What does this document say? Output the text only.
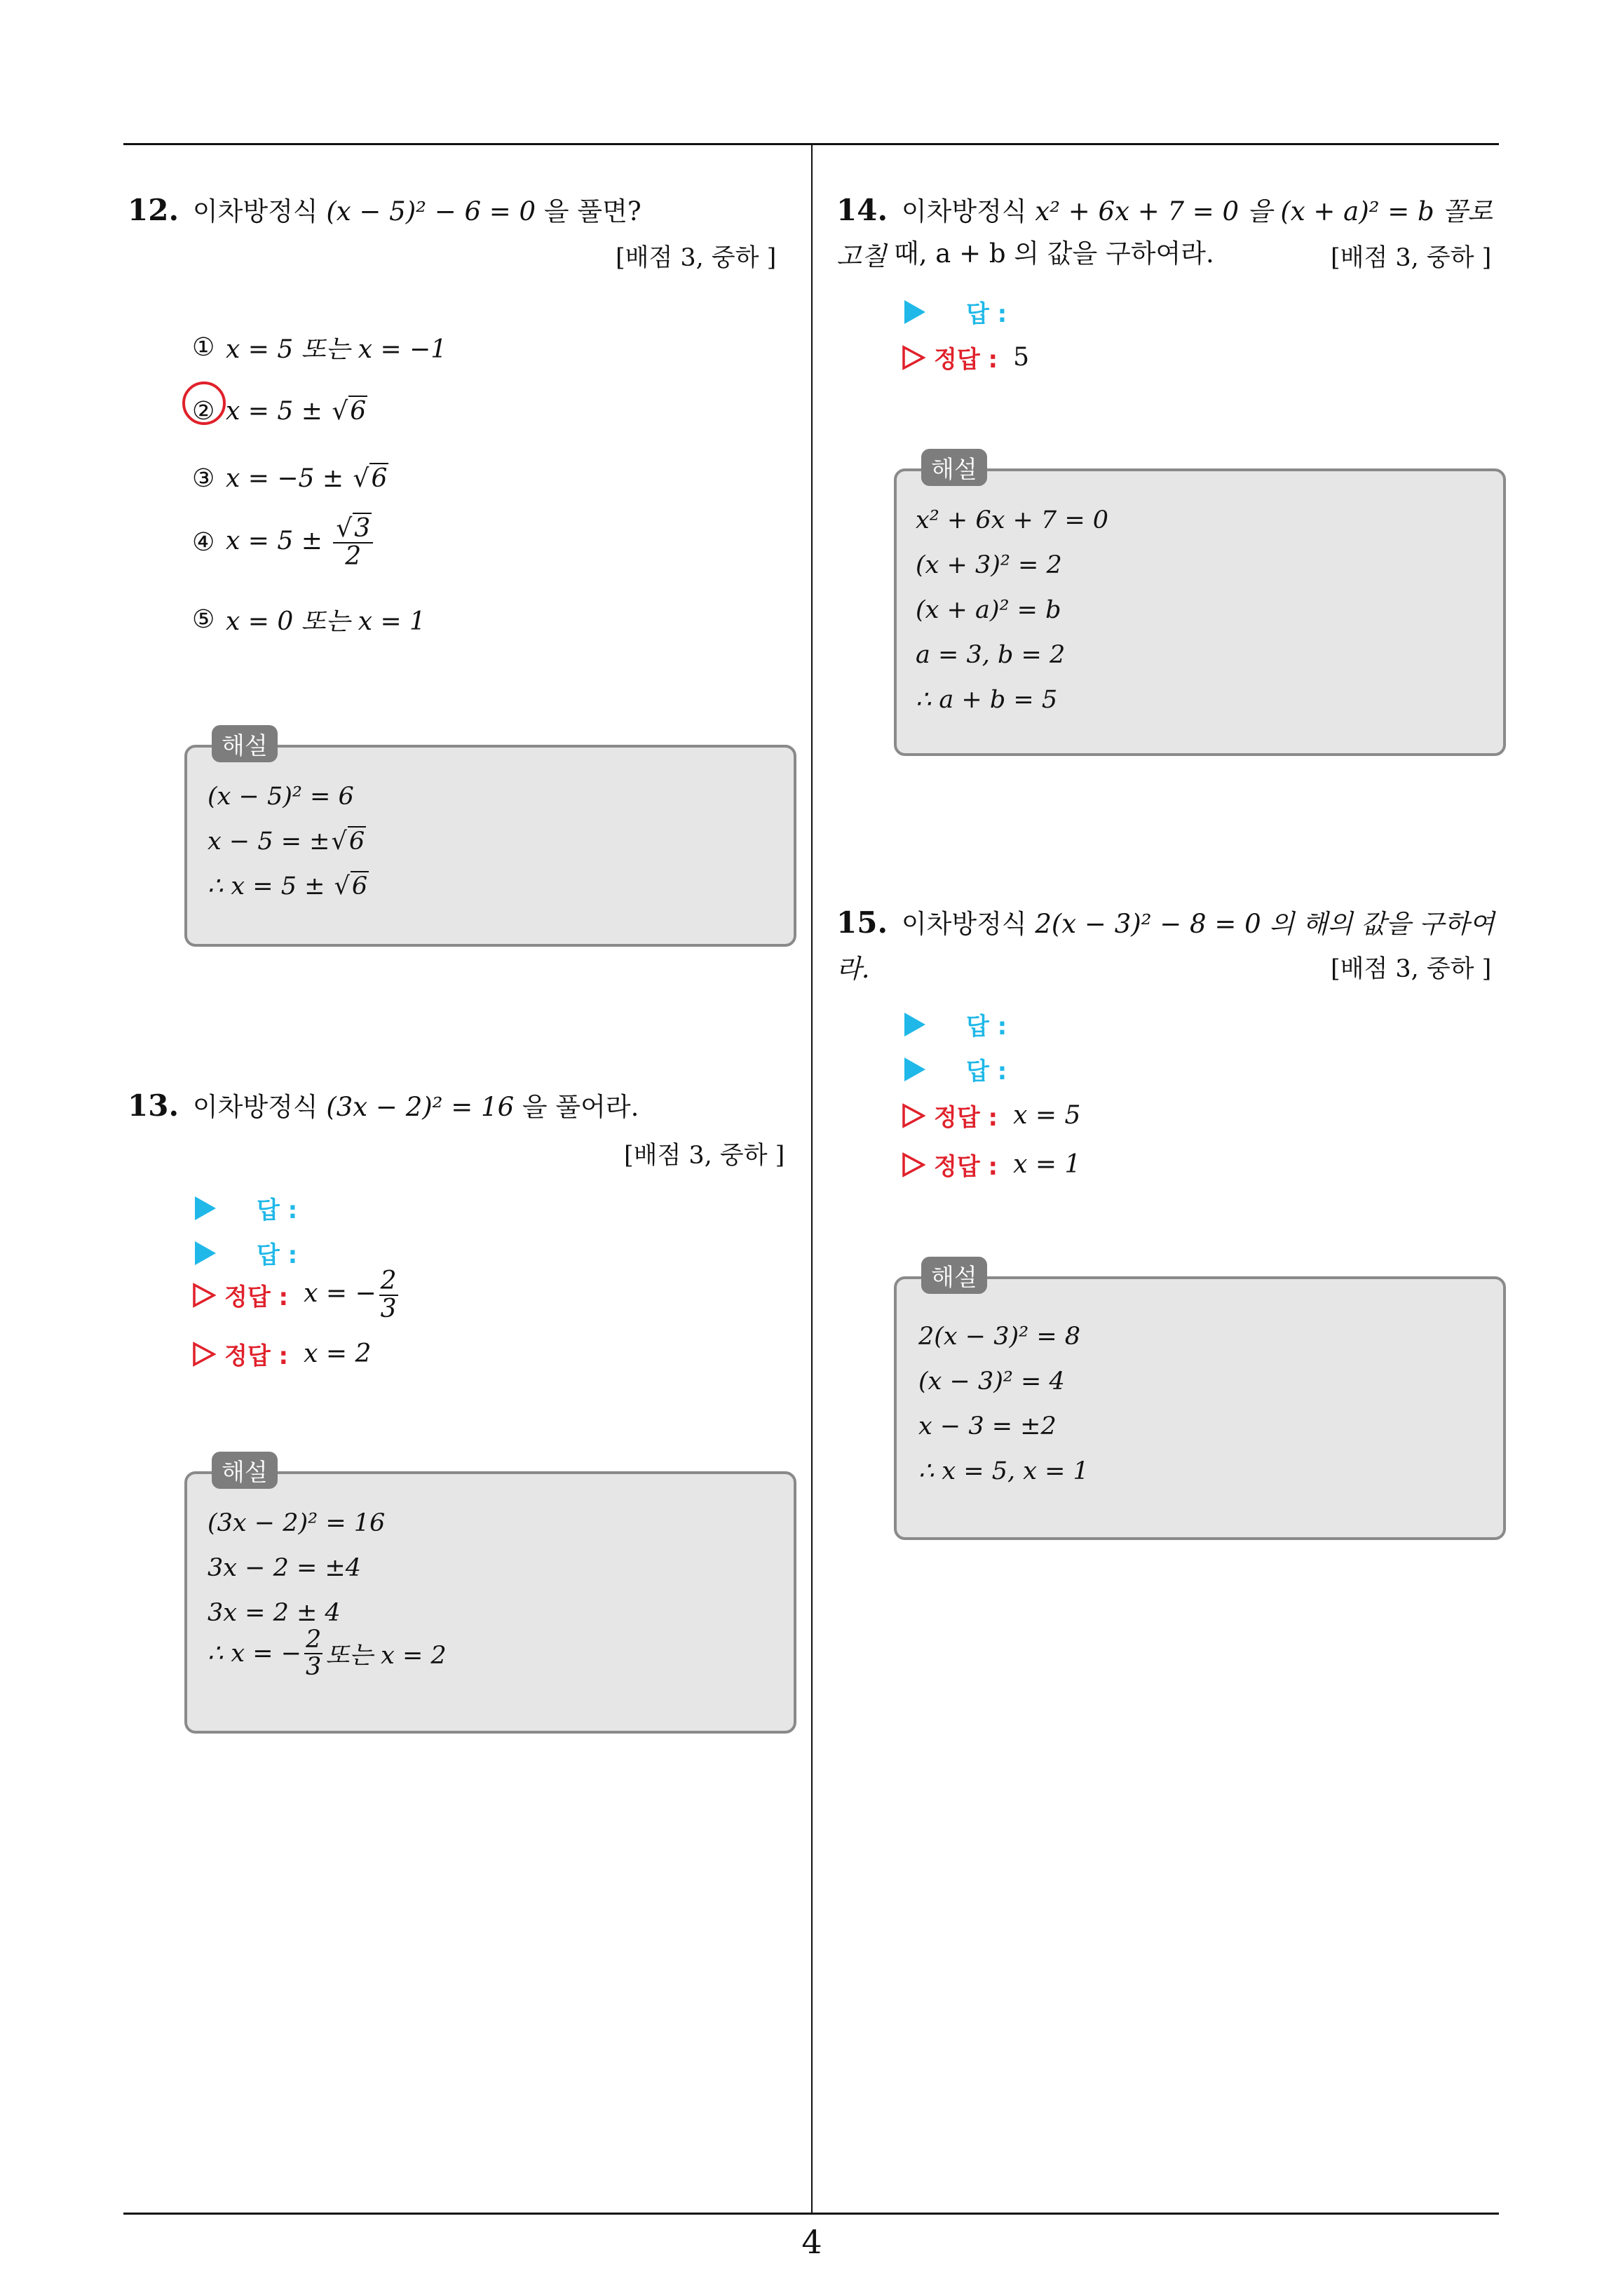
4
12. 이차방정식 (x − 5)² − 6 = 0 을 풀면?
[배점 3, 중하 ]
① x = 5 또는 x = −1
② x = 5 ± √6
③ x = −5 ± √6
④ $x = 5 \pm \frac{√3}{2}$
⑤ x = 0 또는 x = 1
해설
(x − 5)² = 6
x − 5 = ±√6
∴ x = 5 ± √6
13. 이차방정식 (3x − 2)² = 16 을 풀어라.
[배점 3, 중하 ]
답 :
답 :
정답 : x = − $\frac{2}{3}$
정답 : x = 2
해설
(3x − 2)² = 16
3x − 2 = ±4
3x = 2 ± 4
∴ x = − $\frac{2}{3}$ 또는 x = 2
14. 이차방정식 x² + 6x + 7 = 0 을 (x + a)² = b 꼴로 고칠 때, a + b 의 값을 구하여라.	[배점 3, 중하 ]
답 :
정답 : 5
해설
x² + 6x + 7 = 0
(x + 3)² = 2
(x + a)² = b
a = 3, b = 2
∴ a + b = 5
15. 이차방정식 2(x − 3)² − 8 = 0 의 해의 값을 구하여라.	[배점 3, 중하 ]
답 :
답 :
정답 : x = 5
정답 : x = 1
해설
2(x − 3)² = 8
(x − 3)² = 4
x − 3 = ±2
∴ x = 5, x = 1
